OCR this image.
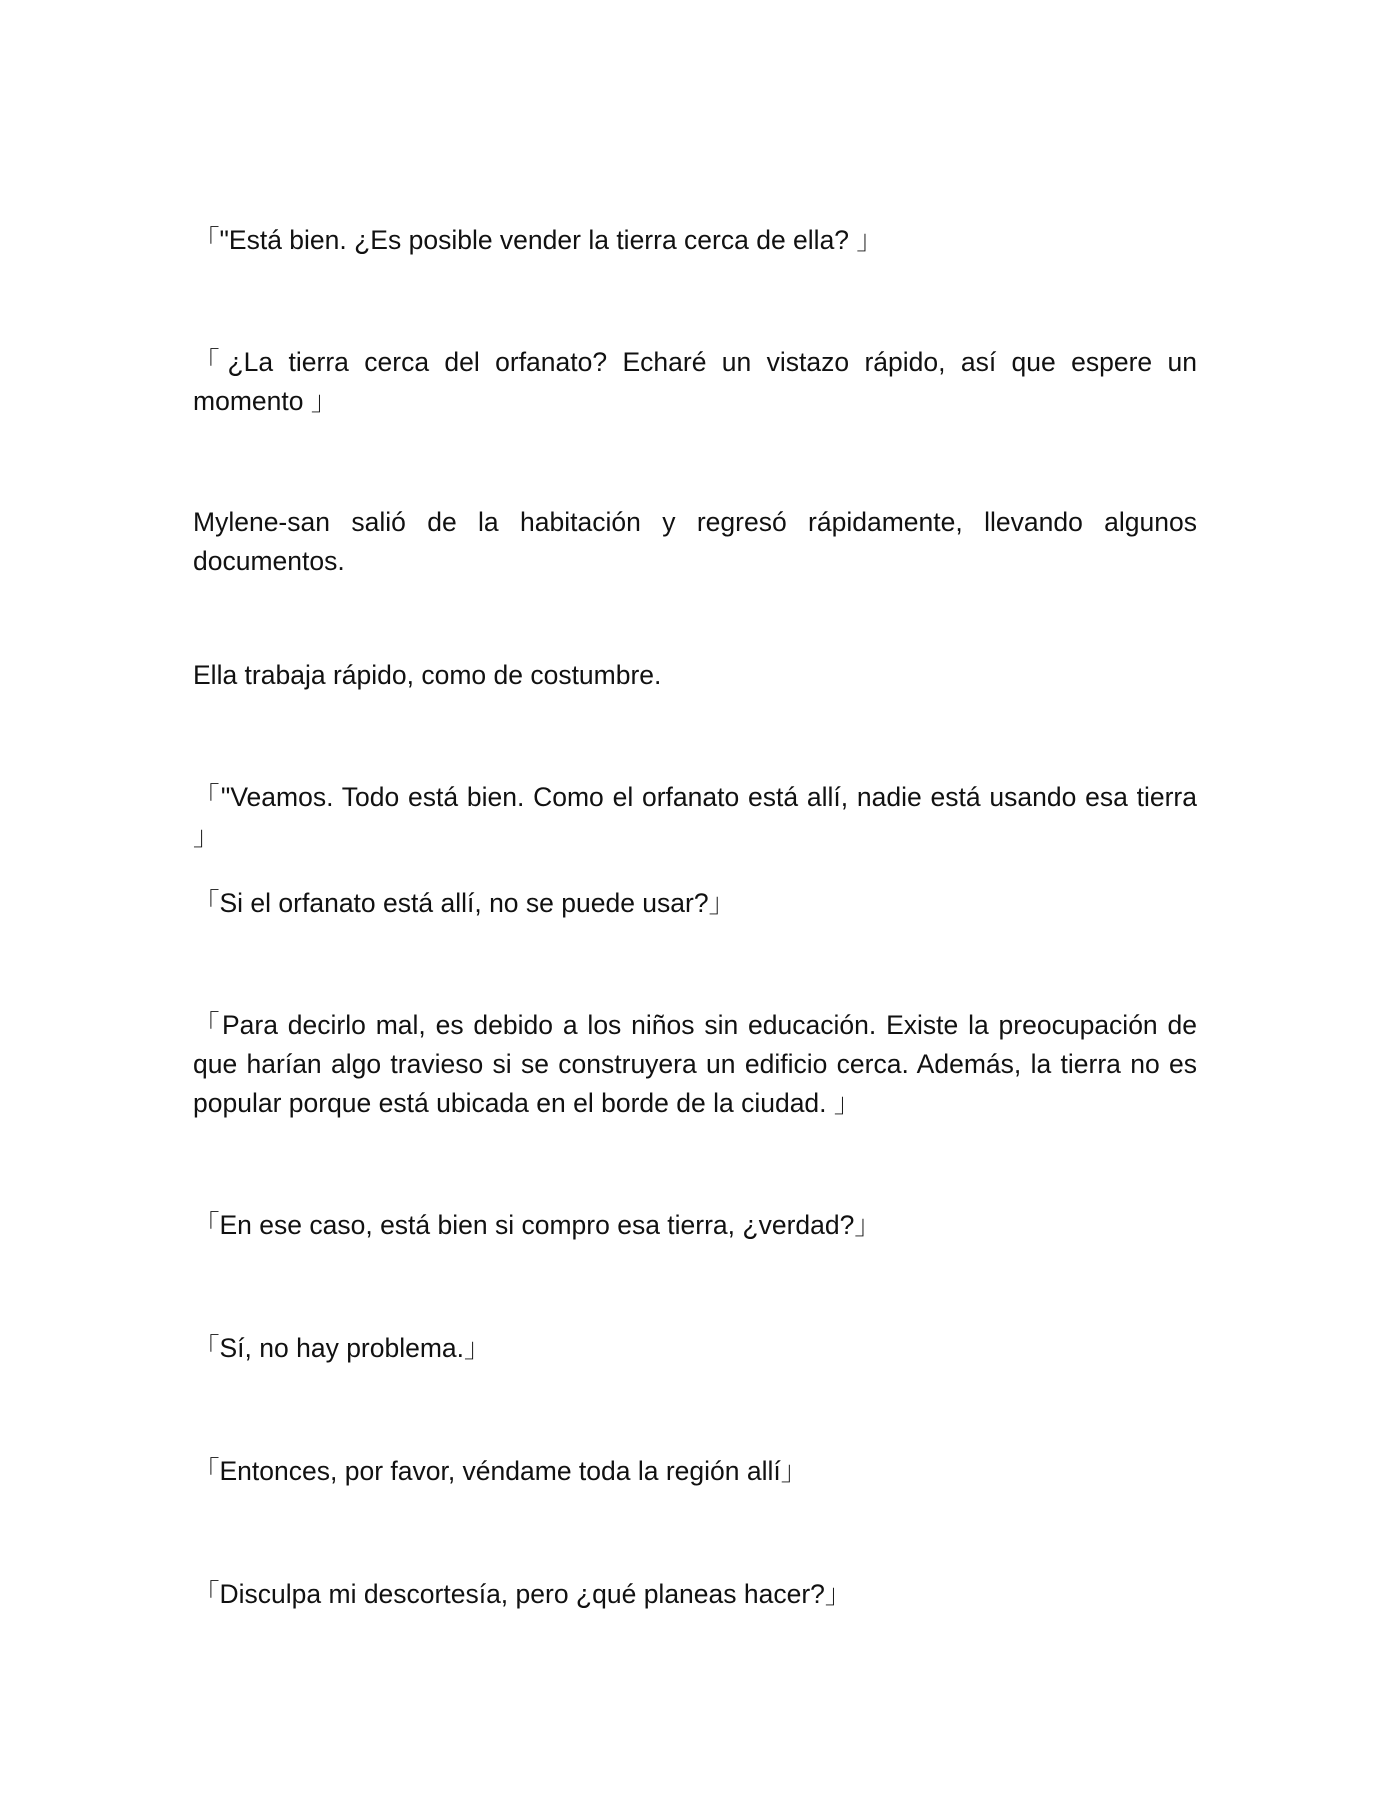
「"Está bien. ¿Es posible vender la tierra cerca de ella? 」

「¿La tierra cerca del orfanato? Echaré un vistazo rápido, así que espere un momento 」

Mylene-san salió de la habitación y regresó rápidamente, llevando algunos documentos.

Ella trabaja rápido, como de costumbre.

「"Veamos. Todo está bien. Como el orfanato está allí, nadie está usando esa tierra 」

「Si el orfanato está allí, no se puede usar?」

「Para decirlo mal, es debido a los niños sin educación. Existe la preocupación de que harían algo travieso si se construyera un edificio cerca. Además, la tierra no es popular porque está ubicada en el borde de la ciudad. 」

「En ese caso, está bien si compro esa tierra, ¿verdad?」

「Sí, no hay problema.」

「Entonces, por favor, véndame toda la región allí」

「Disculpa mi descortesía, pero ¿qué planeas hacer?」
